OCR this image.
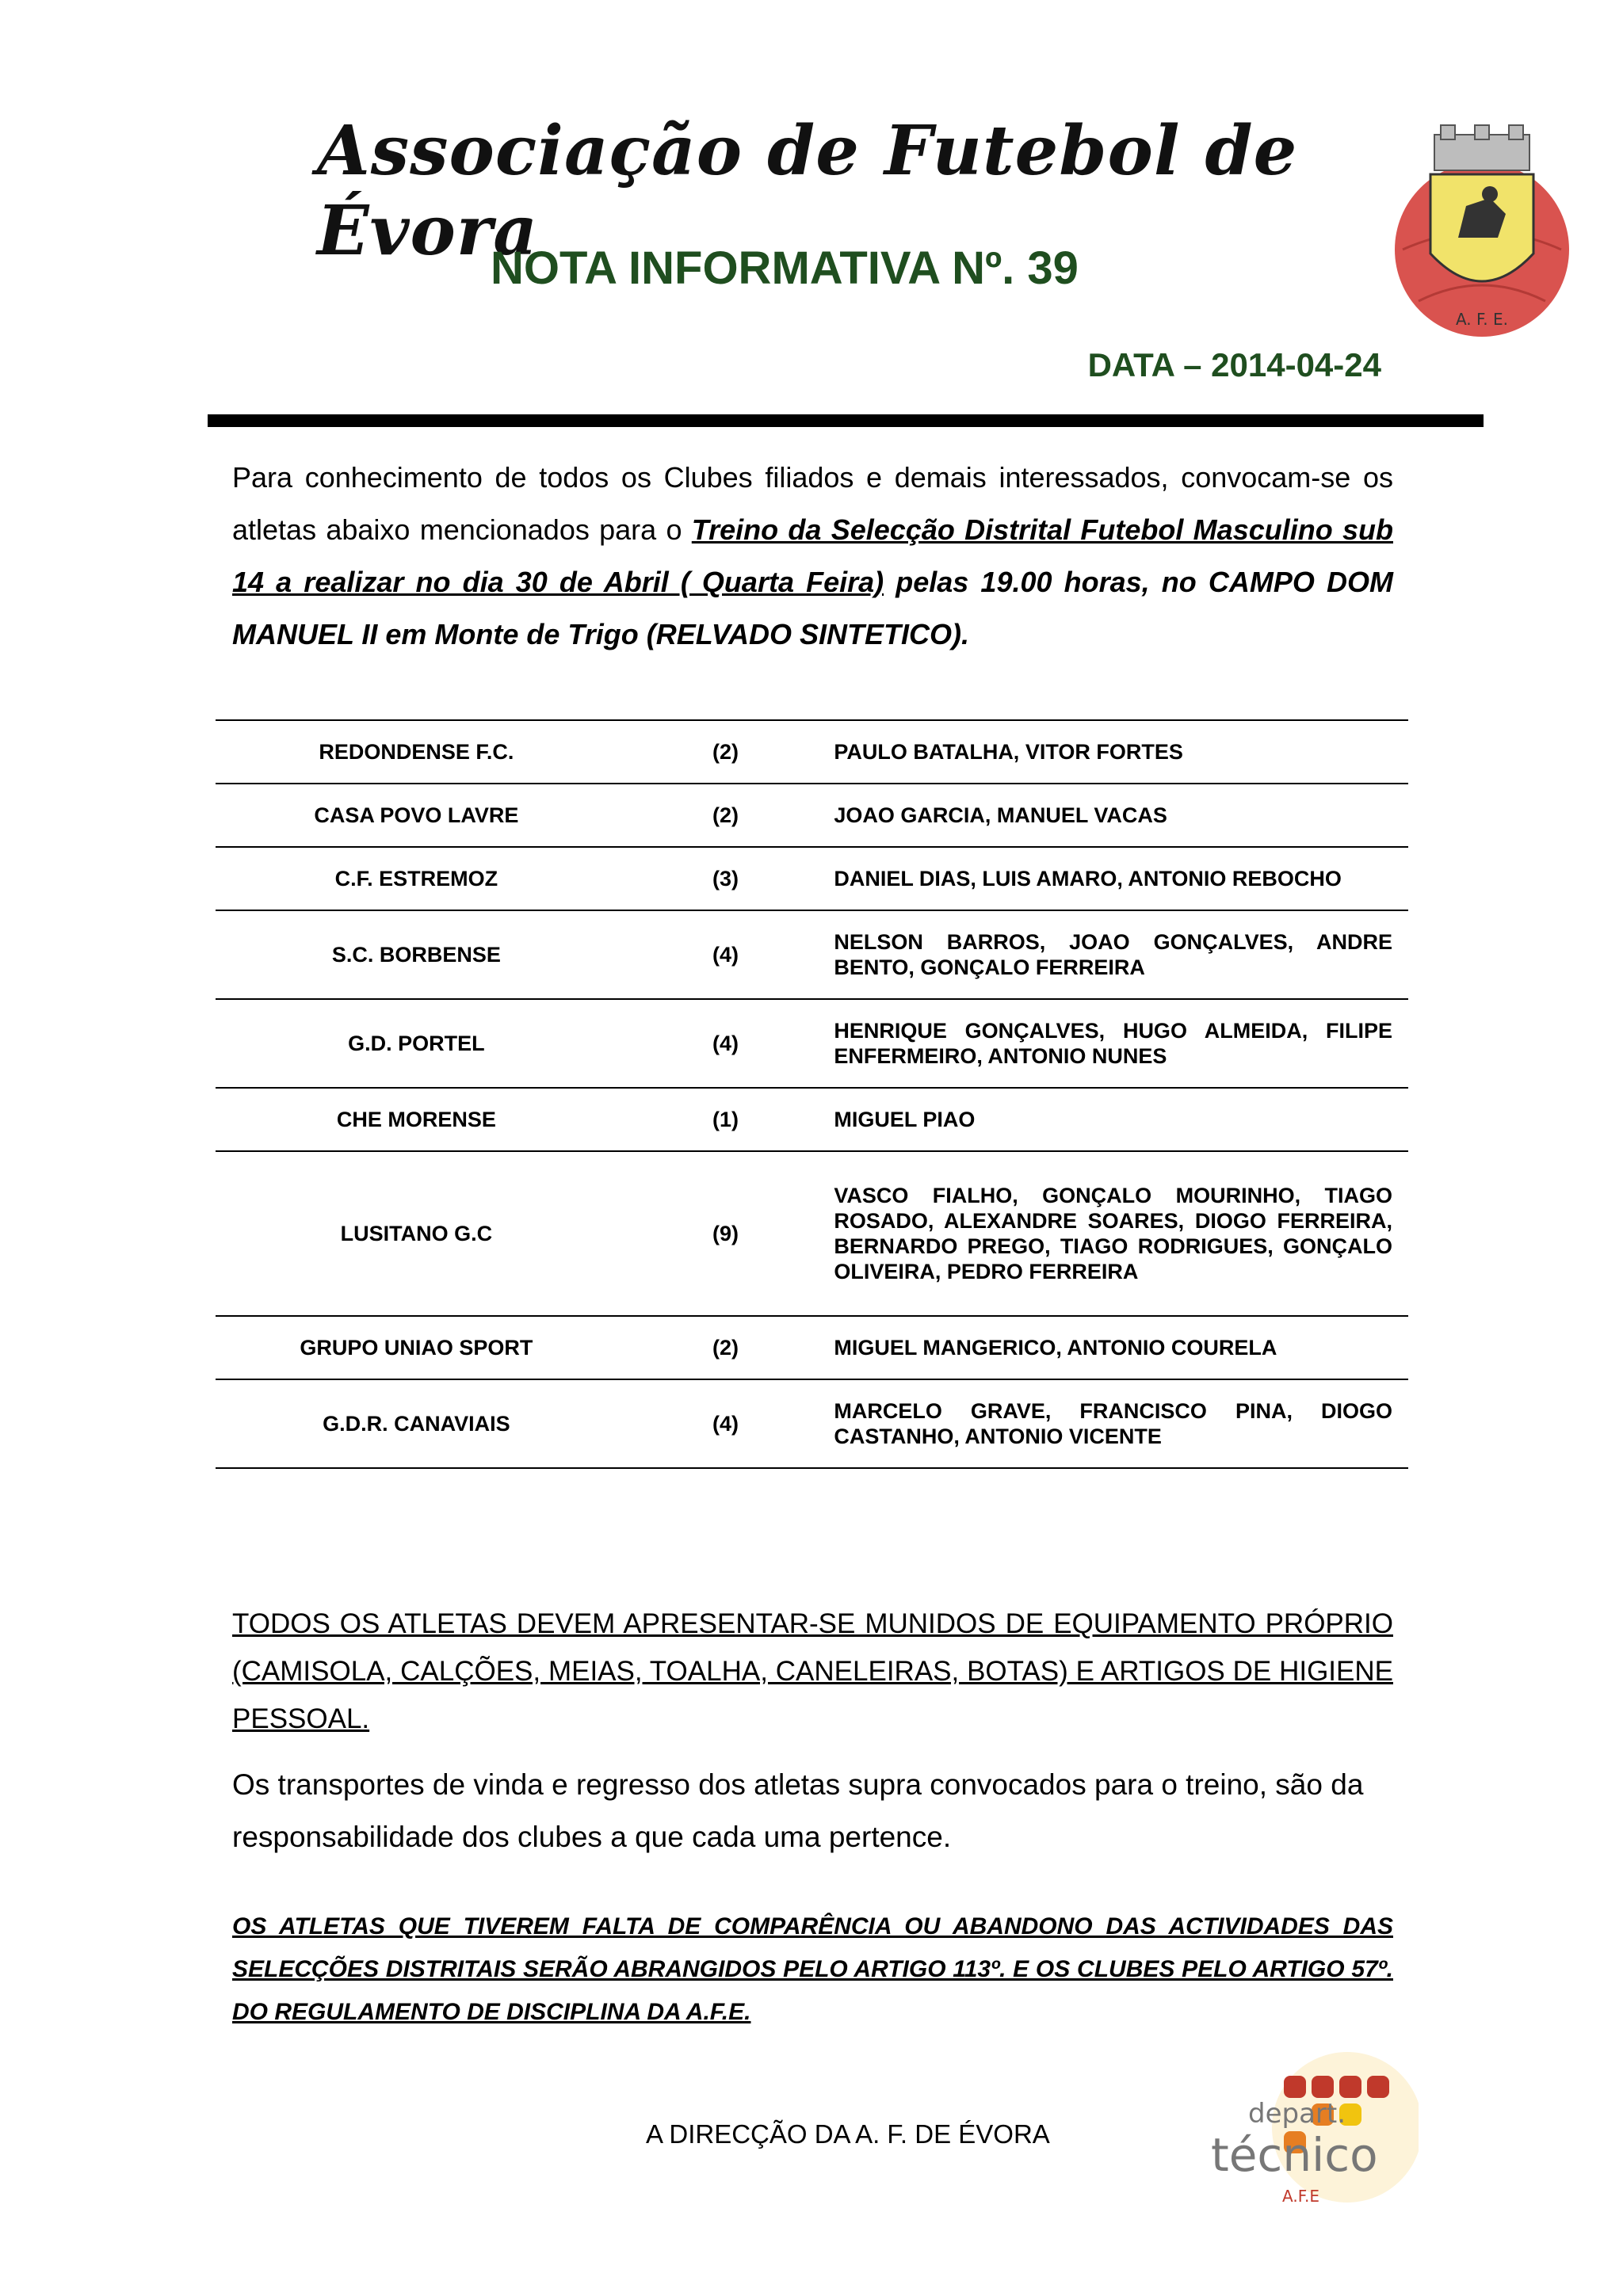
Associação de Futebol de Évora
NOTA INFORMATIVA Nº. 39
DATA – 2014-04-24
A. F. E.
Para conhecimento de todos os Clubes filiados e demais interessados, convocam-se os atletas abaixo mencionados para o Treino da Selecção Distrital Futebol Masculino sub 14 a realizar no dia 30 de Abril ( Quarta Feira) pelas 19.00 horas, no CAMPO DOM MANUEL II em Monte de Trigo (RELVADO SINTETICO).
REDONDENSE F.C.	(2)	PAULO BATALHA, VITOR FORTES
CASA POVO LAVRE	(2)	JOAO GARCIA, MANUEL VACAS
C.F. ESTREMOZ	(3)	DANIEL DIAS, LUIS AMARO, ANTONIO REBOCHO
S.C. BORBENSE	(4)	NELSON BARROS, JOAO GONÇALVES, ANDRE BENTO, GONÇALO FERREIRA
G.D. PORTEL	(4)	HENRIQUE GONÇALVES, HUGO ALMEIDA, FILIPE ENFERMEIRO, ANTONIO NUNES
CHE MORENSE	(1)	MIGUEL PIAO
LUSITANO G.C	(9)	VASCO FIALHO, GONÇALO MOURINHO, TIAGO ROSADO, ALEXANDRE SOARES, DIOGO FERREIRA, BERNARDO PREGO, TIAGO RODRIGUES, GONÇALO OLIVEIRA, PEDRO FERREIRA
GRUPO UNIAO SPORT	(2)	MIGUEL MANGERICO, ANTONIO COURELA
G.D.R. CANAVIAIS	(4)	MARCELO GRAVE, FRANCISCO PINA, DIOGO CASTANHO, ANTONIO VICENTE
TODOS OS ATLETAS DEVEM APRESENTAR-SE MUNIDOS DE EQUIPAMENTO PRÓPRIO (CAMISOLA, CALÇÕES, MEIAS, TOALHA, CANELEIRAS, BOTAS) E ARTIGOS DE HIGIENE PESSOAL.
Os transportes de vinda e regresso dos atletas supra convocados para o treino, são da responsabilidade dos clubes a que cada uma pertence.
OS ATLETAS QUE TIVEREM FALTA DE COMPARÊNCIA OU ABANDONO DAS ACTIVIDADES DAS SELECÇÕES DISTRITAIS SERÃO ABRANGIDOS PELO ARTIGO 113º. E OS CLUBES PELO ARTIGO 57º. DO REGULAMENTO DE DISCIPLINA DA A.F.E.
A DIRECÇÃO DA A. F. DE ÉVORA
depart.
técnico
A.F.E
